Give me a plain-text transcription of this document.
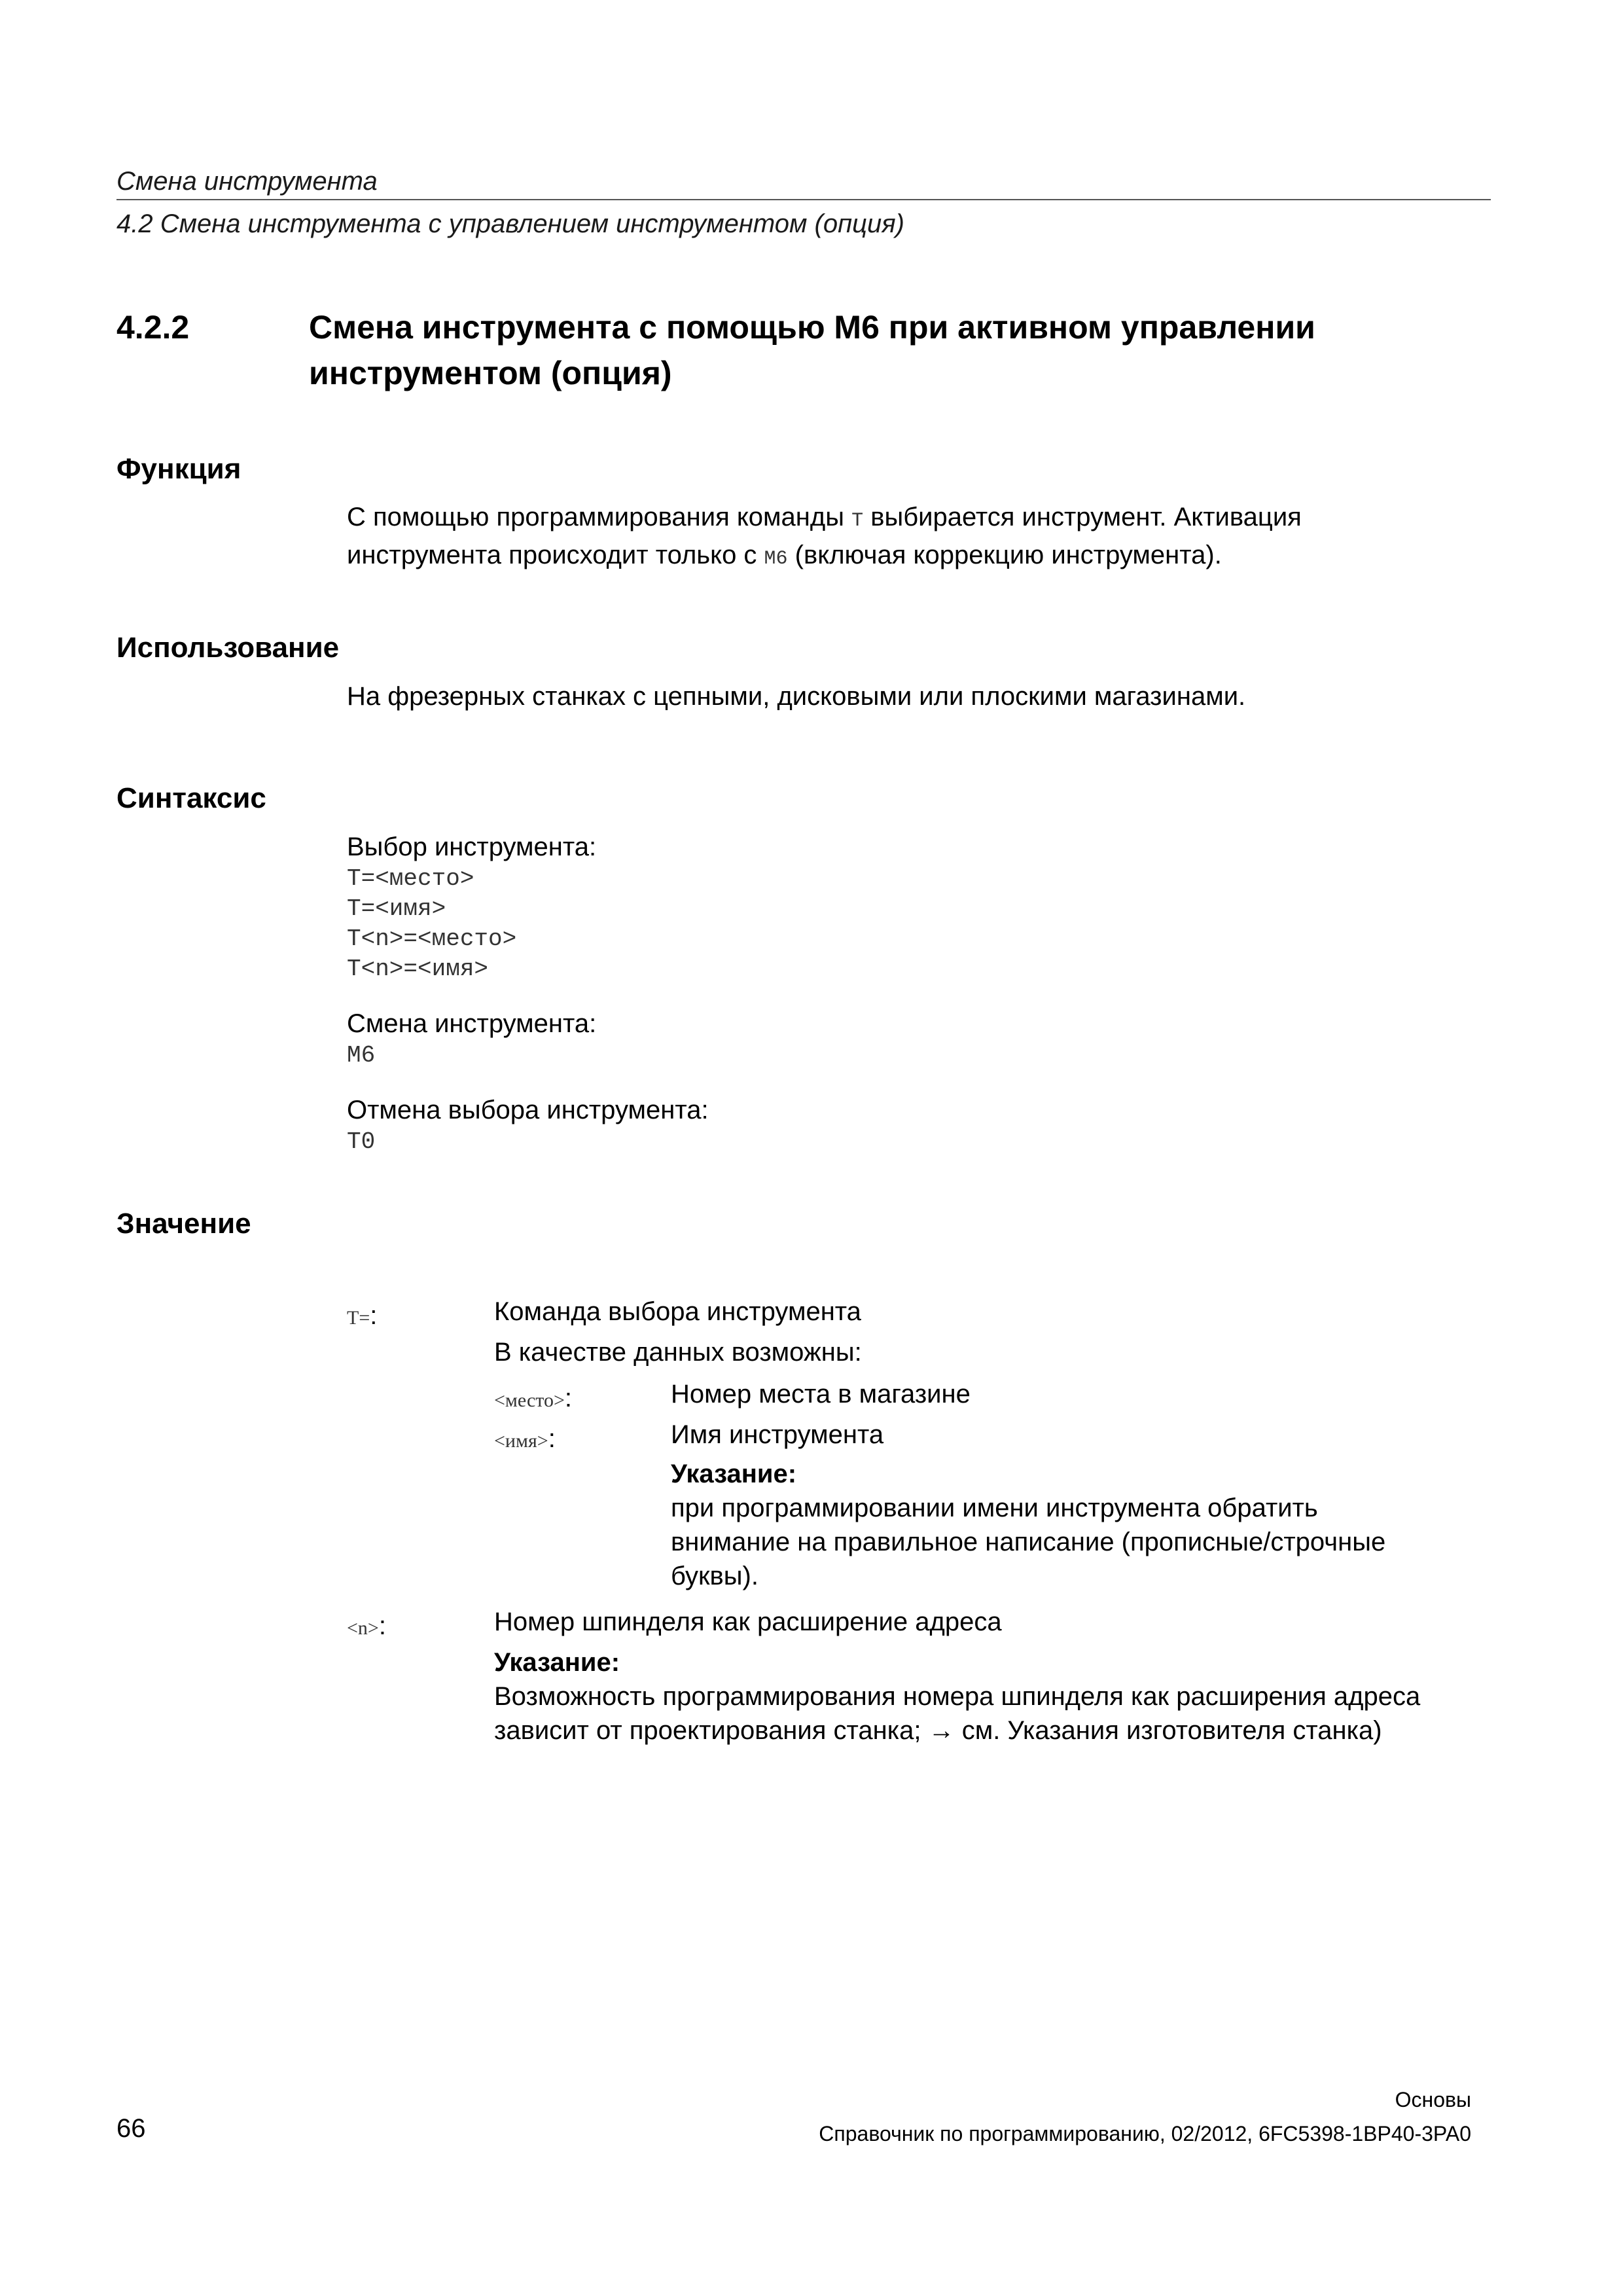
Смена инструмента
4.2 Смена инструмента с управлением инструментом (опция)
4.2.2	Смена инструмента с помощью М6 при активном управлении
инструментом (опция)
Функция
С помощью программирования команды T выбирается инструмент. Активация
инструмента происходит только с M6 (включая коррекцию инструмента).
Использование
На фрезерных станках с цепными, дисковыми или плоскими магазинами.
Синтаксис
Выбор инструмента:
T=<место>
T=<имя>
T<n>=<место>
T<n>=<имя>
Смена инструмента:
M6
Отмена выбора инструмента:
T0
Значение
T=:	Команда выбора инструмента
В качестве данных возможны:
<место>:	Номер места в магазине
<имя>:	Имя инструмента
Указание:
при программировании имени инструмента обратить
внимание на правильное написание (прописные/строчные
буквы).
<n>:	Номер шпинделя как расширение адреса
Указание:
Возможность программирования номера шпинделя как расширения адреса
зависит от проектирования станка; → см. Указания изготовителя станка)
Основы
66	Справочник по программированию, 02/2012, 6FC5398-1BP40-3PA0
